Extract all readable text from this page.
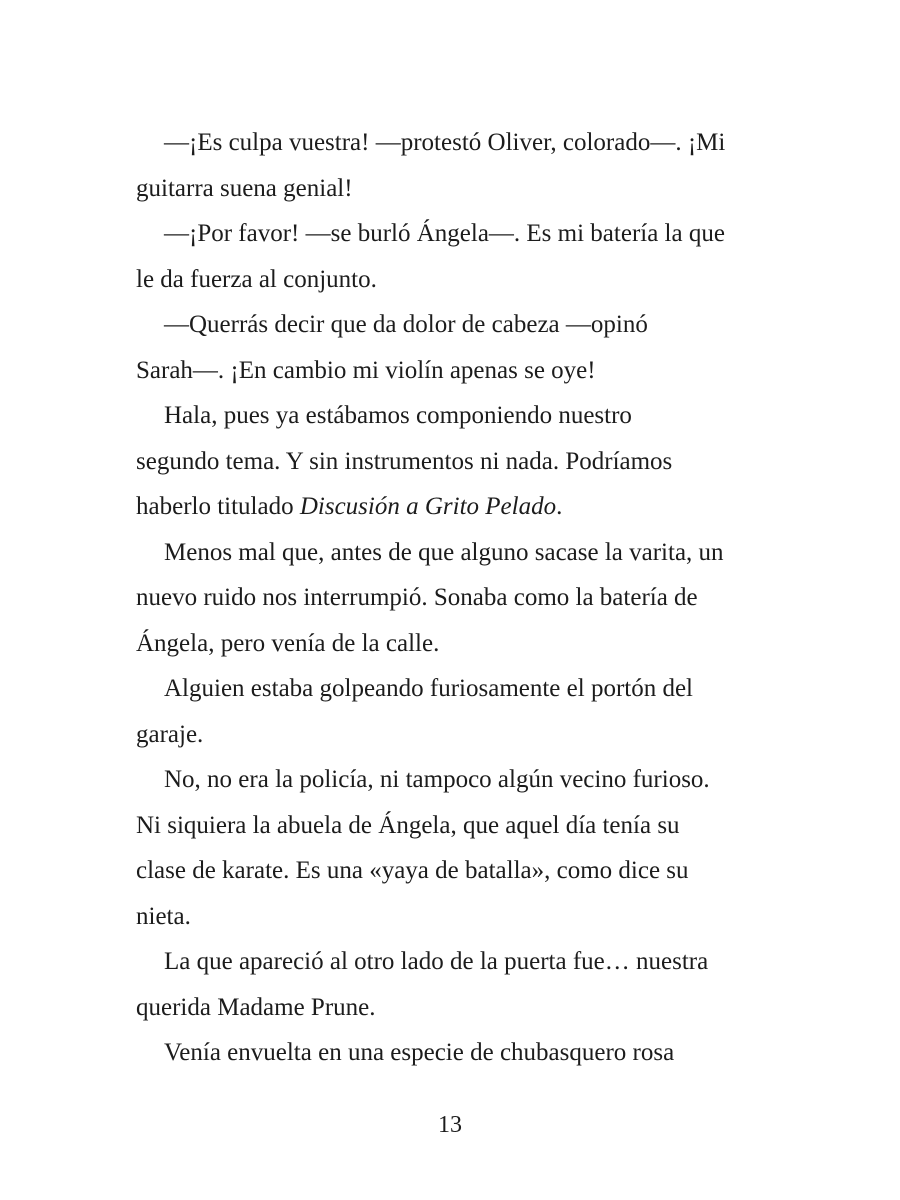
—¡Es culpa vuestra! —protestó Oliver, colorado—. ¡Mi
guitarra suena genial!
—¡Por favor! —se burló Ángela—. Es mi batería la que
le da fuerza al conjunto.
—Querrás decir que da dolor de cabeza —opinó
Sarah—. ¡En cambio mi violín apenas se oye!
Hala, pues ya estábamos componiendo nuestro
segundo tema. Y sin instrumentos ni nada. Podríamos
haberlo titulado Discusión a Grito Pelado.
Menos mal que, antes de que alguno sacase la varita, un
nuevo ruido nos interrumpió. Sonaba como la batería de
Ángela, pero venía de la calle.
Alguien estaba golpeando furiosamente el portón del
garaje.
No, no era la policía, ni tampoco algún vecino furioso.
Ni siquiera la abuela de Ángela, que aquel día tenía su
clase de karate. Es una «yaya de batalla», como dice su
nieta.
La que apareció al otro lado de la puerta fue… nuestra
querida Madame Prune.
Venía envuelta en una especie de chubasquero rosa
13
